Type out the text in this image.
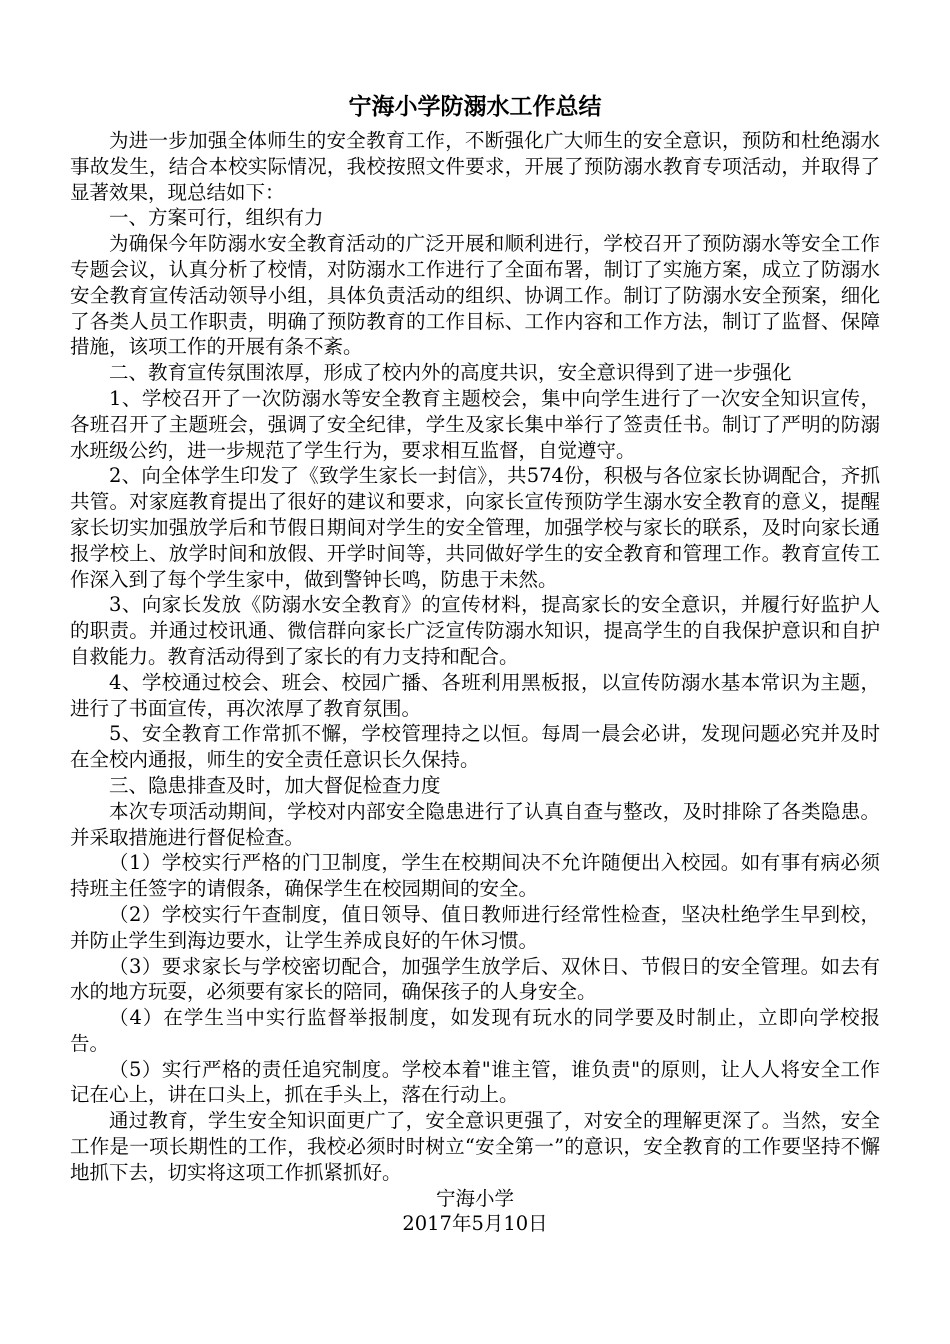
宁海小学防溺水工作总结

为进一步加强全体师生的安全教育工作，不断强化广大师生的安全意识，预防和杜绝溺水事故发生，结合本校实际情况，我校按照文件要求，开展了预防溺水教育专项活动，并取得了显著效果，现总结如下：

一、方案可行，组织有力

为确保今年防溺水安全教育活动的广泛开展和顺利进行，学校召开了预防溺水等安全工作专题会议，认真分析了校情，对防溺水工作进行了全面布署，制订了实施方案，成立了防溺水安全教育宣传活动领导小组，具体负责活动的组织、协调工作。制订了防溺水安全预案，细化了各类人员工作职责，明确了预防教育的工作目标、工作内容和工作方法，制订了监督、保障措施，该项工作的开展有条不紊。

二、教育宣传氛围浓厚，形成了校内外的高度共识，安全意识得到了进一步强化

1、学校召开了一次防溺水等安全教育主题校会，集中向学生进行了一次安全知识宣传，各班召开了主题班会，强调了安全纪律，学生及家长集中举行了签责任书。制订了严明的防溺水班级公约，进一步规范了学生行为，要求相互监督，自觉遵守。

2、向全体学生印发了《致学生家长一封信》，共574份，积极与各位家长协调配合，齐抓共管。对家庭教育提出了很好的建议和要求，向家长宣传预防学生溺水安全教育的意义，提醒家长切实加强放学后和节假日期间对学生的安全管理，加强学校与家长的联系，及时向家长通报学校上、放学时间和放假、开学时间等，共同做好学生的安全教育和管理工作。教育宣传工作深入到了每个学生家中，做到警钟长鸣，防患于未然。

3、向家长发放《防溺水安全教育》的宣传材料，提高家长的安全意识，并履行好监护人的职责。并通过校讯通、微信群向家长广泛宣传防溺水知识，提高学生的自我保护意识和自护自救能力。教育活动得到了家长的有力支持和配合。

4、学校通过校会、班会、校园广播、各班利用黑板报，以宣传防溺水基本常识为主题，进行了书面宣传，再次浓厚了教育氛围。

5、安全教育工作常抓不懈，学校管理持之以恒。每周一晨会必讲，发现问题必究并及时在全校内通报，师生的安全责任意识长久保持。

三、隐患排查及时，加大督促检查力度

本次专项活动期间，学校对内部安全隐患进行了认真自查与整改，及时排除了各类隐患。并采取措施进行督促检查。

（1）学校实行严格的门卫制度，学生在校期间决不允许随便出入校园。如有事有病必须持班主任签字的请假条，确保学生在校园期间的安全。

（2）学校实行午查制度，值日领导、值日教师进行经常性检查，坚决杜绝学生早到校，并防止学生到海边要水，让学生养成良好的午休习惯。

（3）要求家长与学校密切配合，加强学生放学后、双休日、节假日的安全管理。如去有水的地方玩耍，必须要有家长的陪同，确保孩子的人身安全。

（4）在学生当中实行监督举报制度，如发现有玩水的同学要及时制止，立即向学校报告。

（5）实行严格的责任追究制度。学校本着"谁主管，谁负责"的原则，让人人将安全工作记在心上，讲在口头上，抓在手头上，落在行动上。

通过教育，学生安全知识面更广了，安全意识更强了，对安全的理解更深了。当然，安全工作是一项长期性的工作，我校必须时时树立“安全第一”的意识，安全教育的工作要坚持不懈地抓下去，切实将这项工作抓紧抓好。

宁海小学

2017年5月10日
